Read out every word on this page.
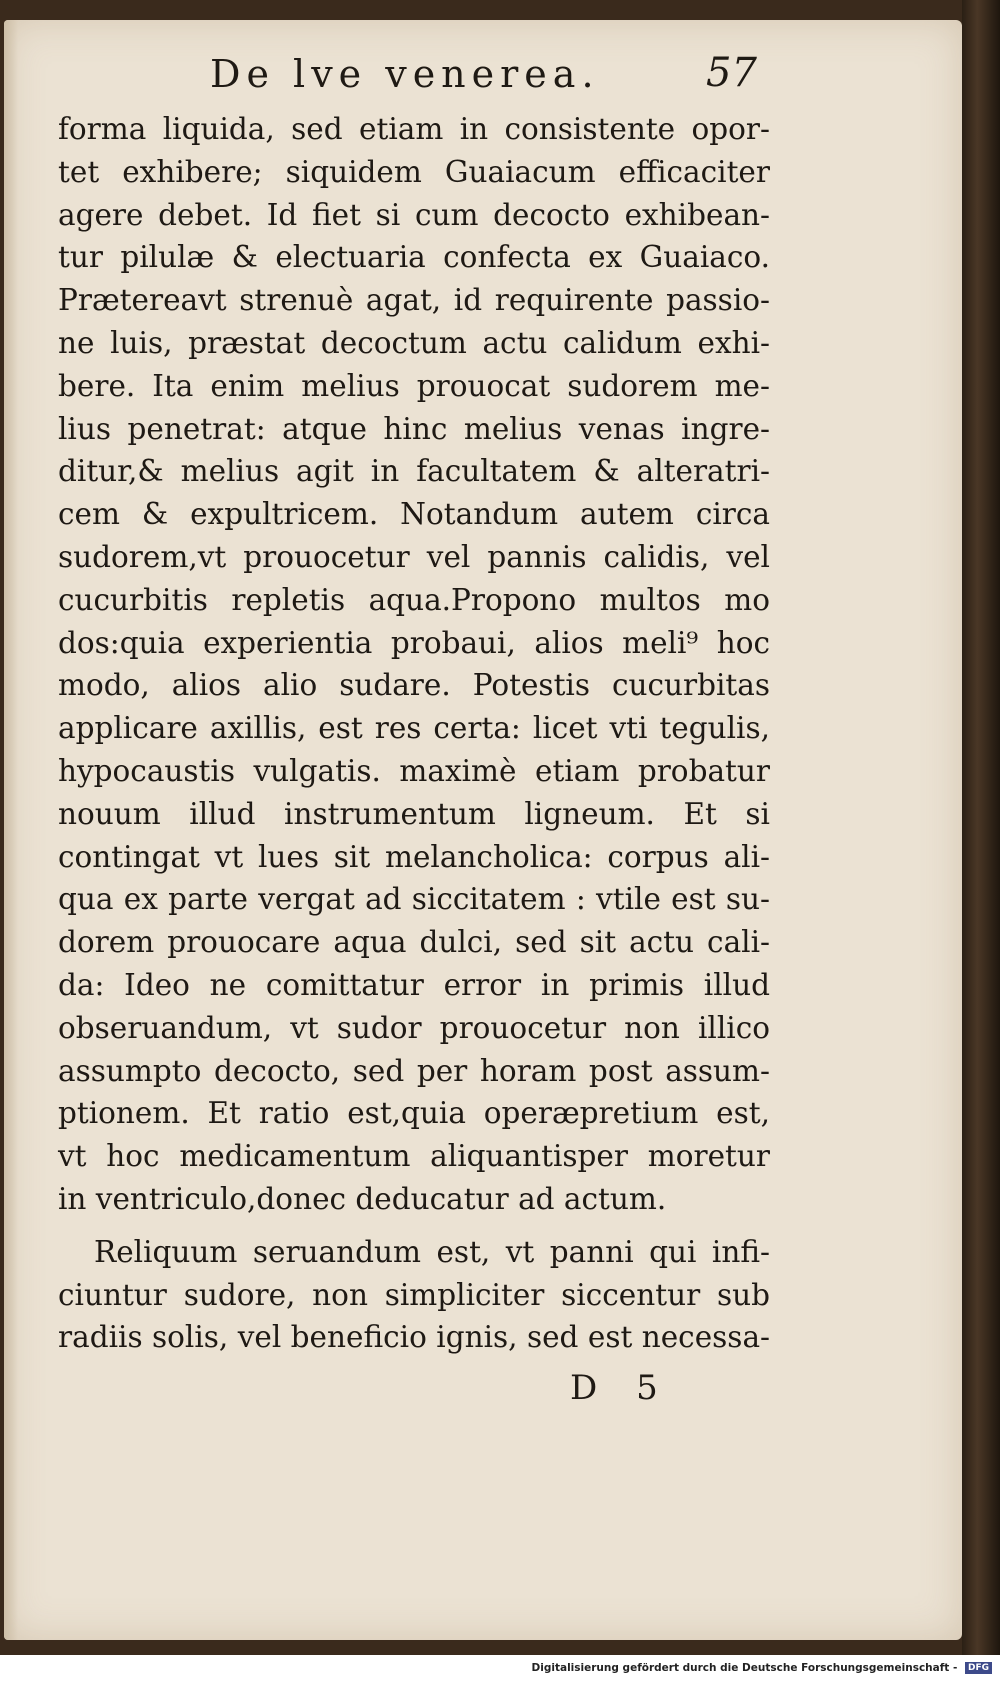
De lve venerea.	57
forma liquida, sed etiam in consistente opor-
tet exhibere; siquidem Guaiacum efficaciter
agere debet. Id fiet si cum decocto exhibean-
tur pilulæ & electuaria confecta ex Guaiaco.
Prætereavt strenuè agat, id requirente passio-
ne luis, præstat decoctum actu calidum exhi-
bere. Ita enim melius prouocat sudorem me-
lius penetrat: atque hinc melius venas ingre-
ditur,& melius agit in facultatem & alteratri-
cem & expultricem. Notandum autem circa
sudorem,vt prouocetur vel pannis calidis, vel
cucurbitis repletis aqua.Propono multos mo
dos:quia experientia probaui, alios meli⁹ hoc
modo, alios alio sudare. Potestis cucurbitas
applicare axillis, est res certa: licet vti tegulis,
hypocaustis vulgatis. maximè etiam probatur
nouum illud instrumentum ligneum. Et si
contingat vt lues sit melancholica: corpus ali-
qua ex parte vergat ad siccitatem : vtile est su-
dorem prouocare aqua dulci, sed sit actu cali-
da: Ideo ne comittatur error in primis illud
obseruandum, vt sudor prouocetur non illico
assumpto decocto, sed per horam post assum-
ptionem. Et ratio est,quia operæpretium est,
vt hoc medicamentum aliquantisper moretur
in ventriculo,donec deducatur ad actum.
Reliquum seruandum est, vt panni qui infi-
ciuntur sudore, non simpliciter siccentur sub
radiis solis, vel beneficio ignis, sed est necessa-
D 5
Digitalisierung gefördert durch die Deutsche Forschungsgemeinschaft - DFG
